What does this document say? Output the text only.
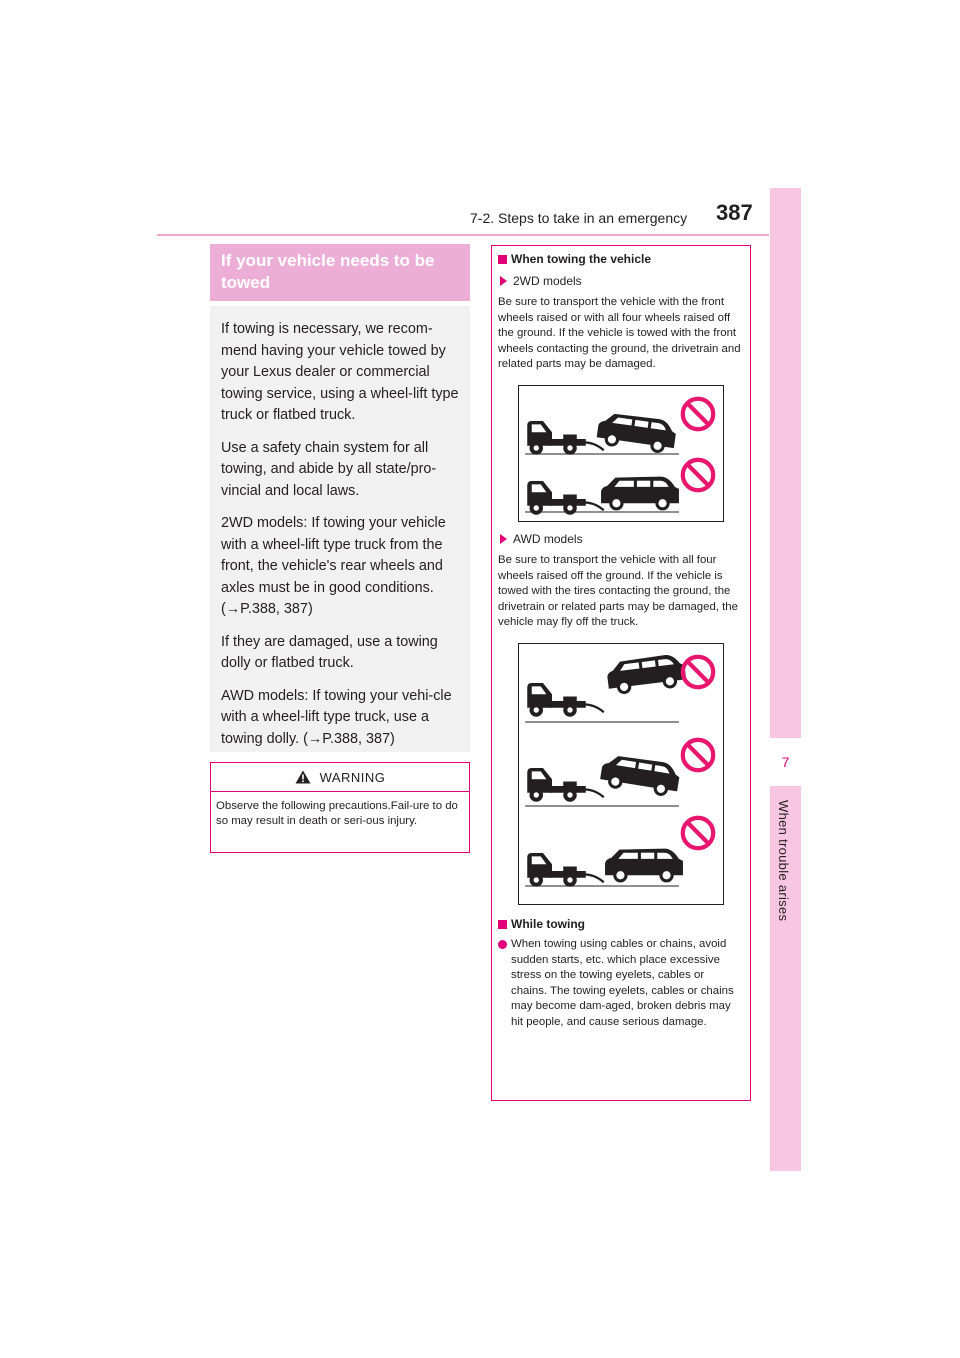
7-2. Steps to take in an emergency 387
7
When trouble arises
If your vehicle needs to be towed

If towing is necessary, we recom-mend having your vehicle towed by your Lexus dealer or commercial towing service, using a wheel-lift type truck or flatbed truck.

Use a safety chain system for all towing, and abide by all state/pro-vincial and local laws.

2WD models: If towing your vehicle with a wheel-lift type truck from the front, the vehicle's rear wheels and axles must be in good conditions. (→P.388, 387)

If they are damaged, use a towing dolly or flatbed truck.

AWD models: If towing your vehi-cle with a wheel-lift type truck, use a towing dolly. (→P.388, 387)

WARNING
Observe the following precautions.Fail-ure to do so may result in death or seri-ous injury.
When towing the vehicle
2WD models

Be sure to transport the vehicle with the front wheels raised or with all four wheels raised off the ground. If the vehicle is towed with the front wheels contacting the ground, the drivetrain and related parts may be damaged.

AWD models

Be sure to transport the vehicle with all four wheels raised off the ground. If the vehicle is towed with the tires contacting the ground, the drivetrain or related parts may be damaged, the vehicle may fly off the truck.

While towing
When towing using cables or chains, avoid sudden starts, etc. which place excessive stress on the towing eyelets, cables or chains. The towing eyelets, cables or chains may become dam-aged, broken debris may hit people, and cause serious damage.
